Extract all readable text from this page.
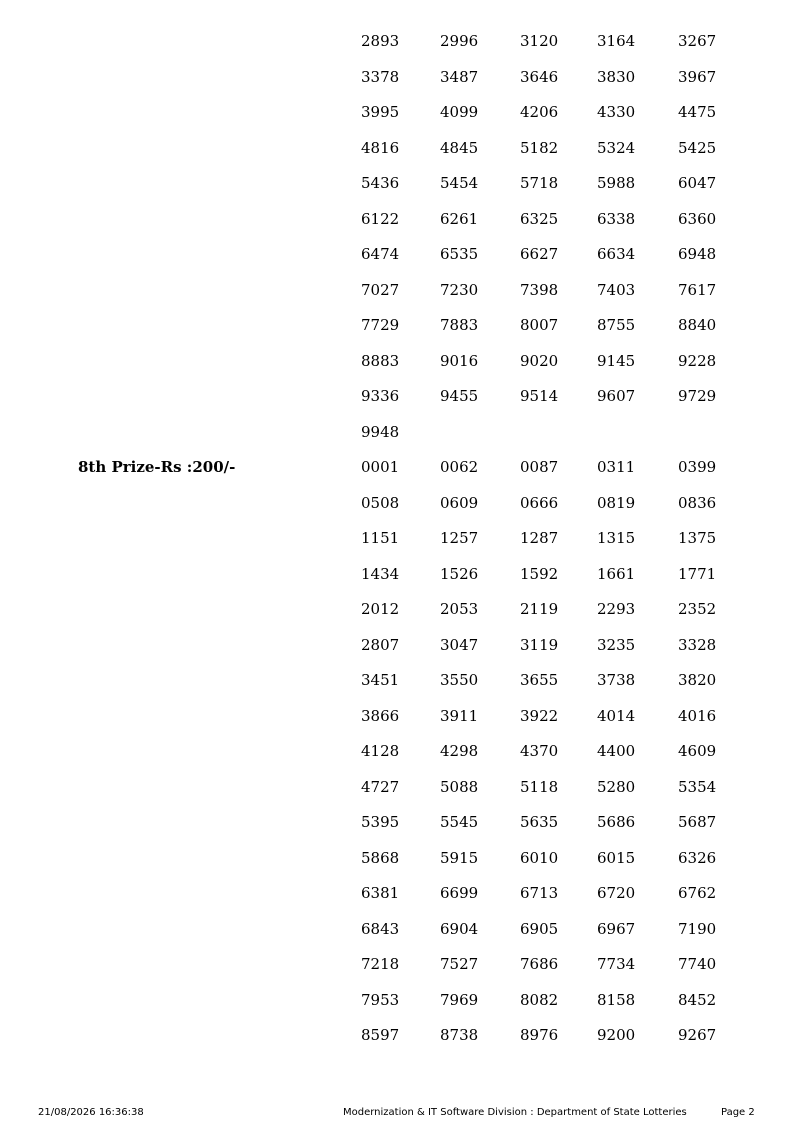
2893	2996	3120	3164	3267
3378	3487	3646	3830	3967
3995	4099	4206	4330	4475
4816	4845	5182	5324	5425
5436	5454	5718	5988	6047
6122	6261	6325	6338	6360
6474	6535	6627	6634	6948
7027	7230	7398	7403	7617
7729	7883	8007	8755	8840
8883	9016	9020	9145	9228
9336	9455	9514	9607	9729
9948
8th Prize-Rs :200/-	0001	0062	0087	0311	0399
0508	0609	0666	0819	0836
1151	1257	1287	1315	1375
1434	1526	1592	1661	1771
2012	2053	2119	2293	2352
2807	3047	3119	3235	3328
3451	3550	3655	3738	3820
3866	3911	3922	4014	4016
4128	4298	4370	4400	4609
4727	5088	5118	5280	5354
5395	5545	5635	5686	5687
5868	5915	6010	6015	6326
6381	6699	6713	6720	6762
6843	6904	6905	6967	7190
7218	7527	7686	7734	7740
7953	7969	8082	8158	8452
8597	8738	8976	9200	9267
21/08/2026 16:36:38	Modernization & IT Software Division : Department of State Lotteries	Page 2
